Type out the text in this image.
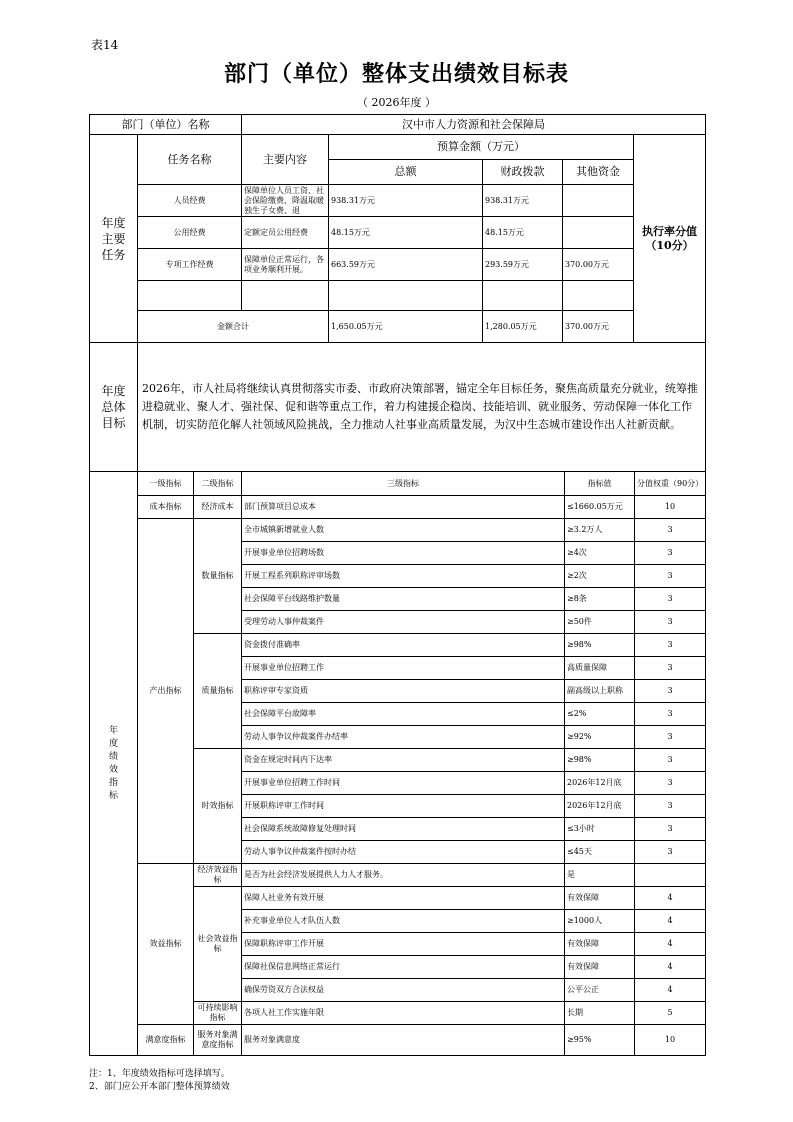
表14
部门（单位）整体支出绩效目标表
（ 2026年度 ）
部门（单位）名称		汉中市人力资源和社会保障局				

年度主要任务	任务名称	主要内容	预算金额（万元）			执行率分值
（10分）

			总额	财政拨款	其他资金	
	人员经费	保障单位人员工资、社会保险缴费、降温取暖独生子女费、退	938.31万元	938.31万元		
	公用经费	定额定员公用经费	48.15万元	48.15万元		
	专项工作经费	保障单位正常运行，各项业务顺利开展。	663.59万元	293.59万元	370.00万元	

	金额合计		1,650.05万元	1,280.05万元	370.00万元	

年度总体目标	2026年，市人社局将继续认真贯彻落实市委、市政府决策部署，锚定全年目标任务，聚焦高质量充分就业，统筹推进稳就业、聚人才、强社保、促和谐等重点工作，着力构建援企稳岗、技能培训、就业服务、劳动保障一体化工作机制，切实防范化解人社领域风险挑战，全力推动人社事业高质量发展，为汉中生态城市建设作出人社新贡献。					
年度绩效指标	一级指标	二级指标	三级指标	指标值	分值权重（90分）
	成本指标	经济成本	部门预算项目总成本	≤1660.05万元	10
	产出指标	数量指标	全市城镇新增就业人数	≥3.2万人	3
			开展事业单位招聘场数	≥4次	3
			开展工程系列职称评审场数	≥2次	3
			社会保障平台线路维护数量	≥8条	3
			受理劳动人事仲裁案件	≥50件	3
		质量指标	资金拨付准确率	≥98%	3
			开展事业单位招聘工作	高质量保障	3
			职称评审专家资质	副高级以上职称	3
			社会保障平台故障率	≤2%	3
			劳动人事争议仲裁案件办结率	≥92%	3
		时效指标	资金在规定时间内下达率	≥98%	3
			开展事业单位招聘工作时间	2026年12月底	3
			开展职称评审工作时间	2026年12月底	3
			社会保障系统故障修复处理时间	≤3小时	3
			劳动人事争议仲裁案件按时办结	≤45天	3
	效益指标	经济效益指标	是否为社会经济发展提供人力人才服务。	是	
		社会效益指标	保障人社业务有效开展	有效保障	4
			补充事业单位人才队伍人数	≥1000人	4
			保障职称评审工作开展	有效保障	4
			保障社保信息网络正常运行	有效保障	4
			确保劳资双方合法权益	公平公正	4
		可持续影响指标	各项人社工作实施年限	长期	5
	满意度指标	服务对象满意度指标	服务对象满意度	≥95%	10
注：1、年度绩效指标可选择填写。
2、部门应公开本部门整体预算绩效
